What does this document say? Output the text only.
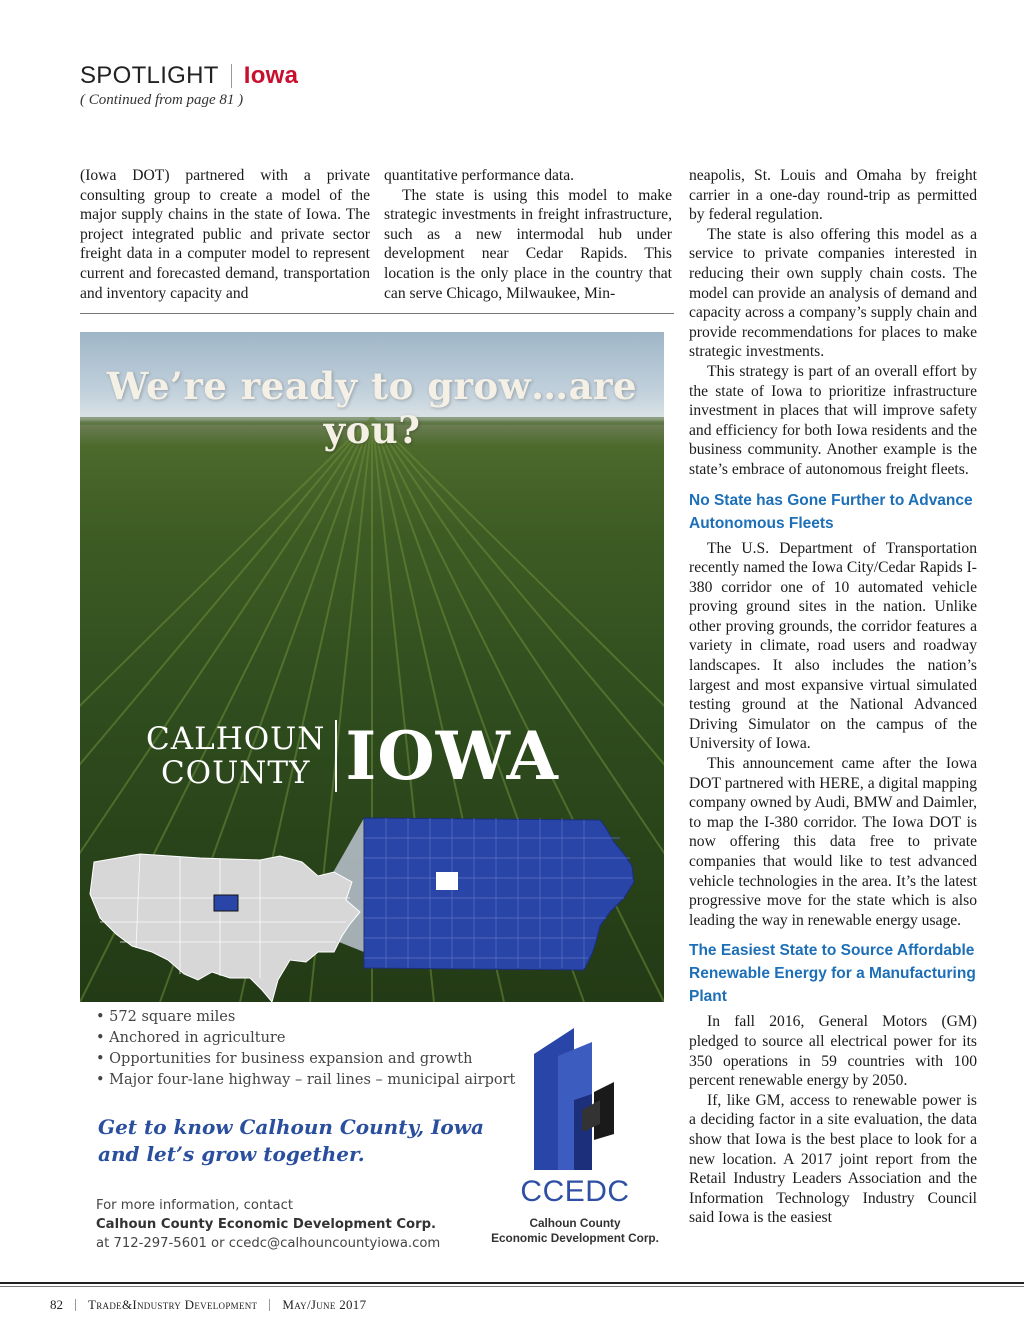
SPOTLIGHT Iowa
( Continued from page 81 )

(Iowa DOT) partnered with a private consulting group to create a model of the major supply chains in the state of Iowa. The project integrated public and private sector freight data in a computer model to represent current and forecasted demand, transportation and inventory capacity and

quantitative performance data.

The state is using this model to make strategic investments in freight infrastructure, such as a new intermodal hub under development near Cedar Rapids. This location is the only place in the country that can serve Chicago, Milwaukee, Min-

neapolis, St. Louis and Omaha by freight carrier in a one-day round-trip as permitted by federal regulation.

The state is also offering this model as a service to private companies interested in reducing their own supply chain costs. The model can provide an analysis of demand and capacity across a company’s supply chain and provide recommendations for places to make strategic investments.

This strategy is part of an overall effort by the state of Iowa to prioritize infrastructure investment in places that will improve safety and efficiency for both Iowa residents and the business community. Another example is the state’s embrace of autonomous freight fleets.

No State has Gone Further to Advance Autonomous Fleets

The U.S. Department of Transportation recently named the Iowa City/Cedar Rapids I-380 corridor one of 10 automated vehicle proving ground sites in the nation. Unlike other proving grounds, the corridor features a variety in climate, road users and roadway landscapes. It also includes the nation’s largest and most expansive virtual simulated testing ground at the National Advanced Driving Simulator on the campus of the University of Iowa.

This announcement came after the Iowa DOT partnered with HERE, a digital mapping company owned by Audi, BMW and Daimler, to map the I-380 corridor. The Iowa DOT is now offering this data free to private companies that would like to test advanced vehicle technologies in the area. It’s the latest progressive move for the state which is also leading the way in renewable energy usage.

The Easiest State to Source Affordable Renewable Energy for a Manufacturing Plant

In fall 2016, General Motors (GM) pledged to source all electrical power for its 350 operations in 59 countries with 100 percent renewable energy by 2050.

If, like GM, access to renewable power is a deciding factor in a site evaluation, the data show that Iowa is the best place to look for a new location. A 2017 joint report from the Retail Industry Leaders Association and the Information Technology Industry Council said Iowa is the easiest

We’re ready to grow…are you?
CALHOUN
COUNTY IOWA
• 572 square miles
• Anchored in agriculture
• Opportunities for business expansion and growth
• Major four-lane highway – rail lines – municipal airport
Get to know Calhoun County, Iowa
and let’s grow together.
For more information, contact
Calhoun County Economic Development Corp.
at 712-297-5601 or ccedc@calhouncountyiowa.com
CCEDC
Calhoun County
Economic Development Corp.
82 Trade&Industry Development May/June 2017
